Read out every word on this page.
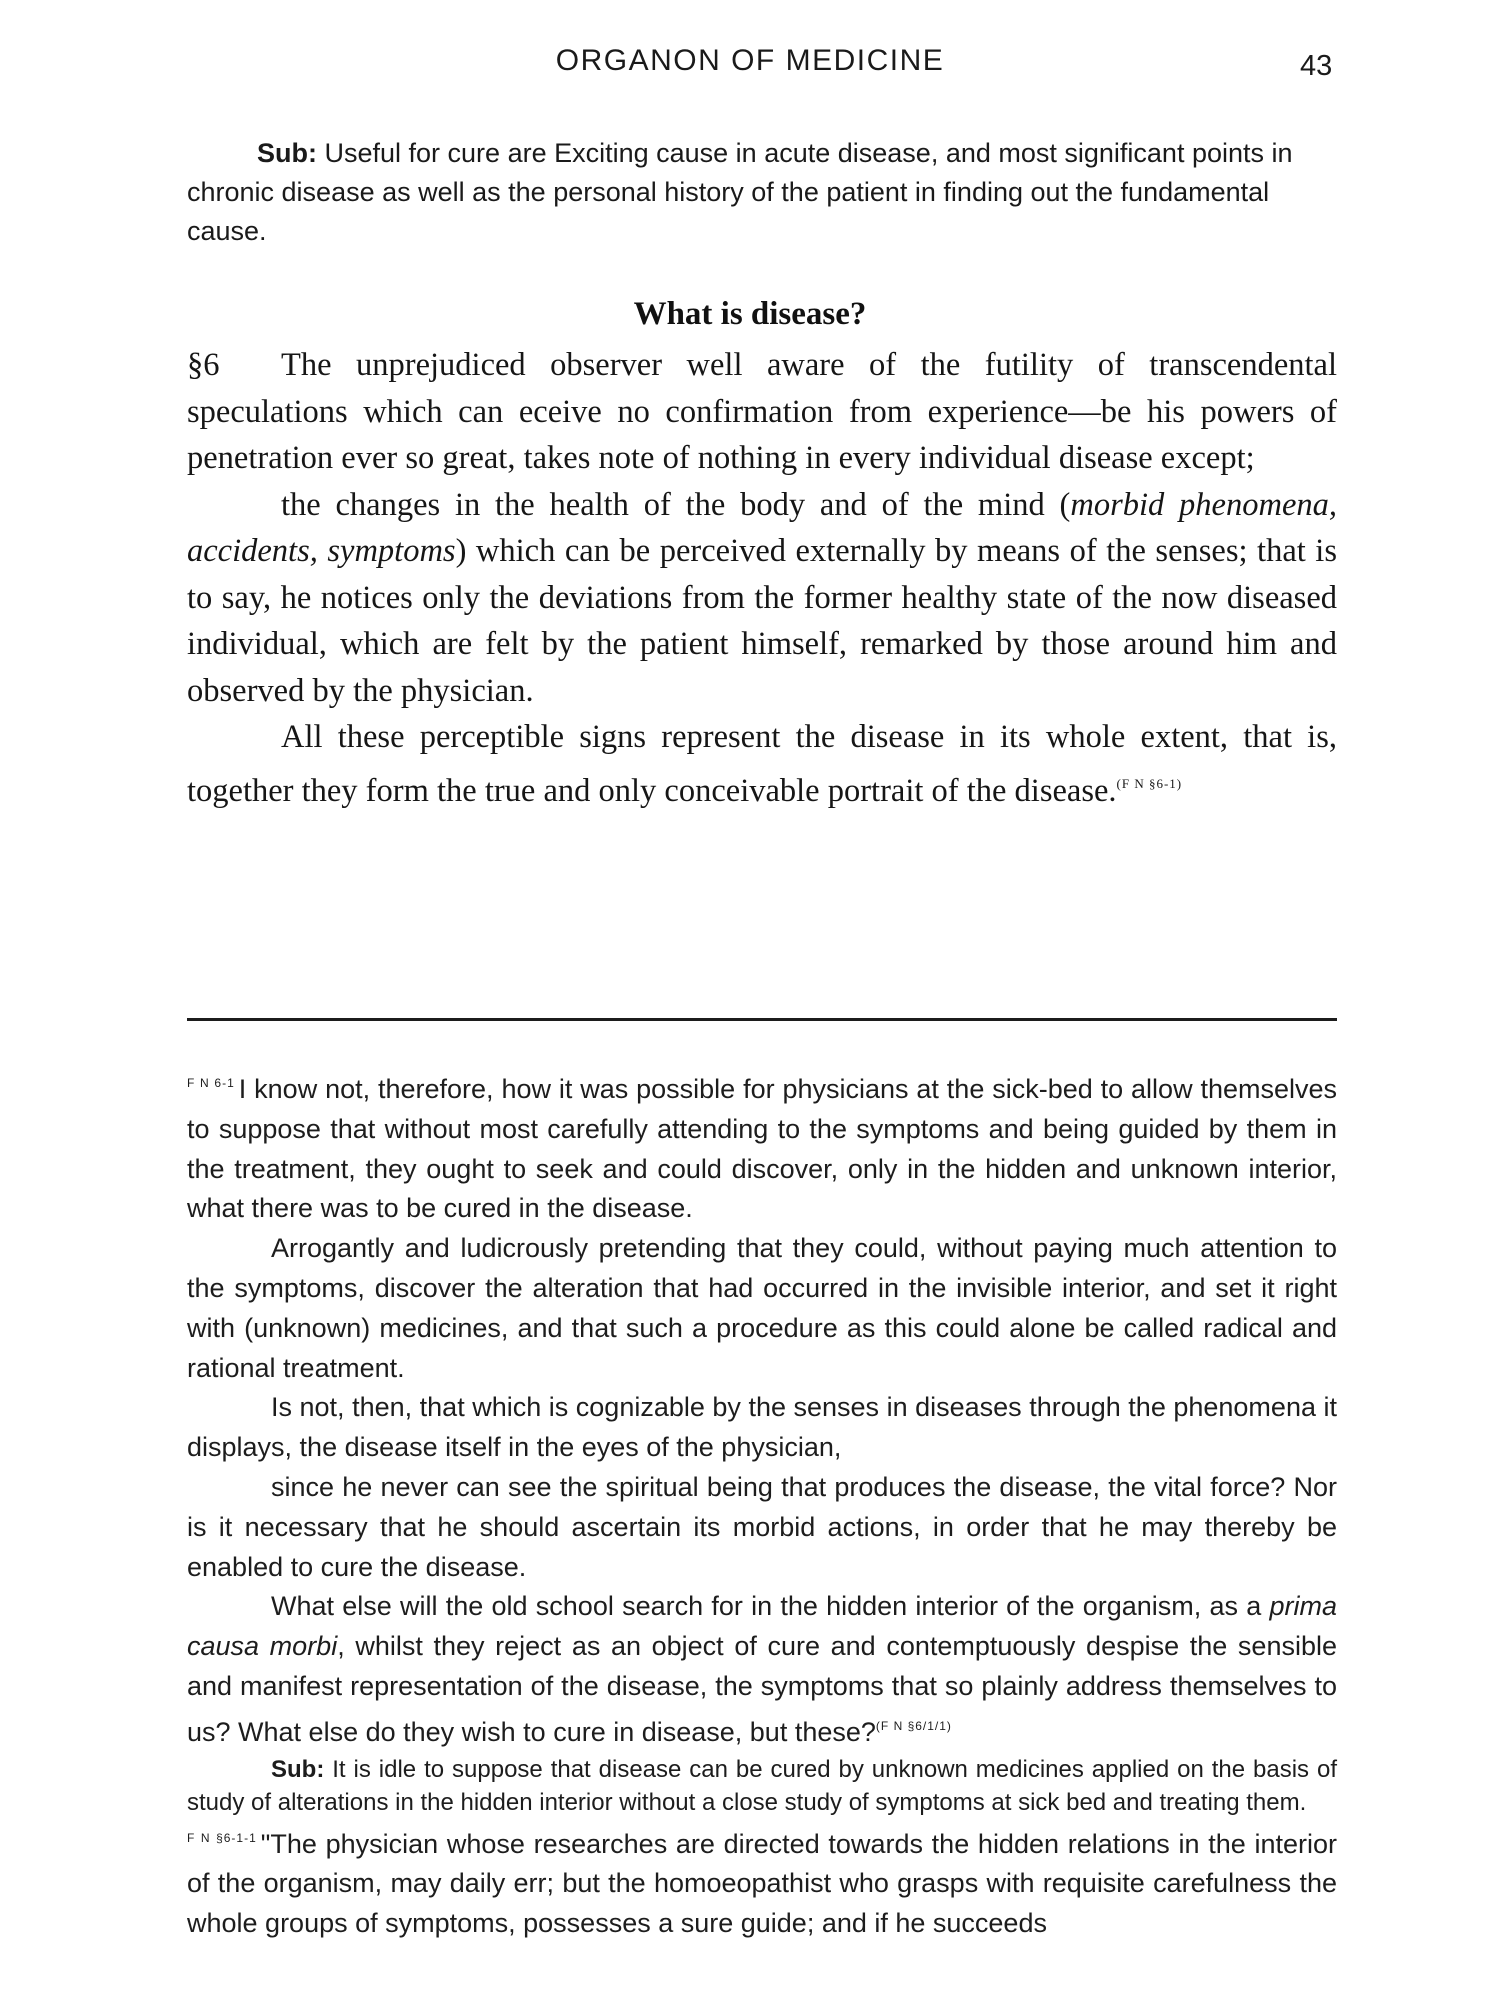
ORGANON OF MEDICINE	43
Sub: Useful for cure are Exciting cause in acute disease, and most significant points in chronic disease as well as the personal history of the patient in finding out the fundamental cause.
What is disease?

§6 The unprejudiced observer well aware of the futility of transcendental speculations which can eceive no confirmation from experience—be his powers of penetration ever so great, takes note of nothing in every individual disease except;

the changes in the health of the body and of the mind (morbid phenomena, accidents, symptoms) which can be perceived externally by means of the senses; that is to say, he notices only the deviations from the former healthy state of the now diseased individual, which are felt by the patient himself, remarked by those around him and observed by the physician.

All these perceptible signs represent the disease in its whole extent, that is, together they form the true and only conceivable portrait of the disease.$^{(F N \S 6-1)}$

$^{F N 6-1}$ I know not, therefore, how it was possible for physicians at the sick-bed to allow themselves to suppose that without most carefully attending to the symptoms and being guided by them in the treatment, they ought to seek and could discover, only in the hidden and unknown interior, what there was to be cured in the disease.

Arrogantly and ludicrously pretending that they could, without paying much attention to the symptoms, discover the alteration that had occurred in the invisible interior, and set it right with (unknown) medicines, and that such a procedure as this could alone be called radical and rational treatment.

Is not, then, that which is cognizable by the senses in diseases through the phenomena it displays, the disease itself in the eyes of the physician,

since he never can see the spiritual being that produces the disease, the vital force? Nor is it necessary that he should ascertain its morbid actions, in order that he may thereby be enabled to cure the disease.

What else will the old school search for in the hidden interior of the organism, as a prima causa morbi, whilst they reject as an object of cure and contemptuously despise the sensible and manifest representation of the disease, the symptoms that so plainly address themselves to us? What else do they wish to cure in disease, but these?$^{(F N \S 6/1/1)}$

Sub: It is idle to suppose that disease can be cured by unknown medicines applied on the basis of study of alterations in the hidden interior without a close study of symptoms at sick bed and treating them.

$^{F N \S 6-1-1}$ "The physician whose researches are directed towards the hidden relations in the interior of the organism, may daily err; but the homoeopathist who grasps with requisite carefulness the whole groups of symptoms, possesses a sure guide; and if he succeeds
